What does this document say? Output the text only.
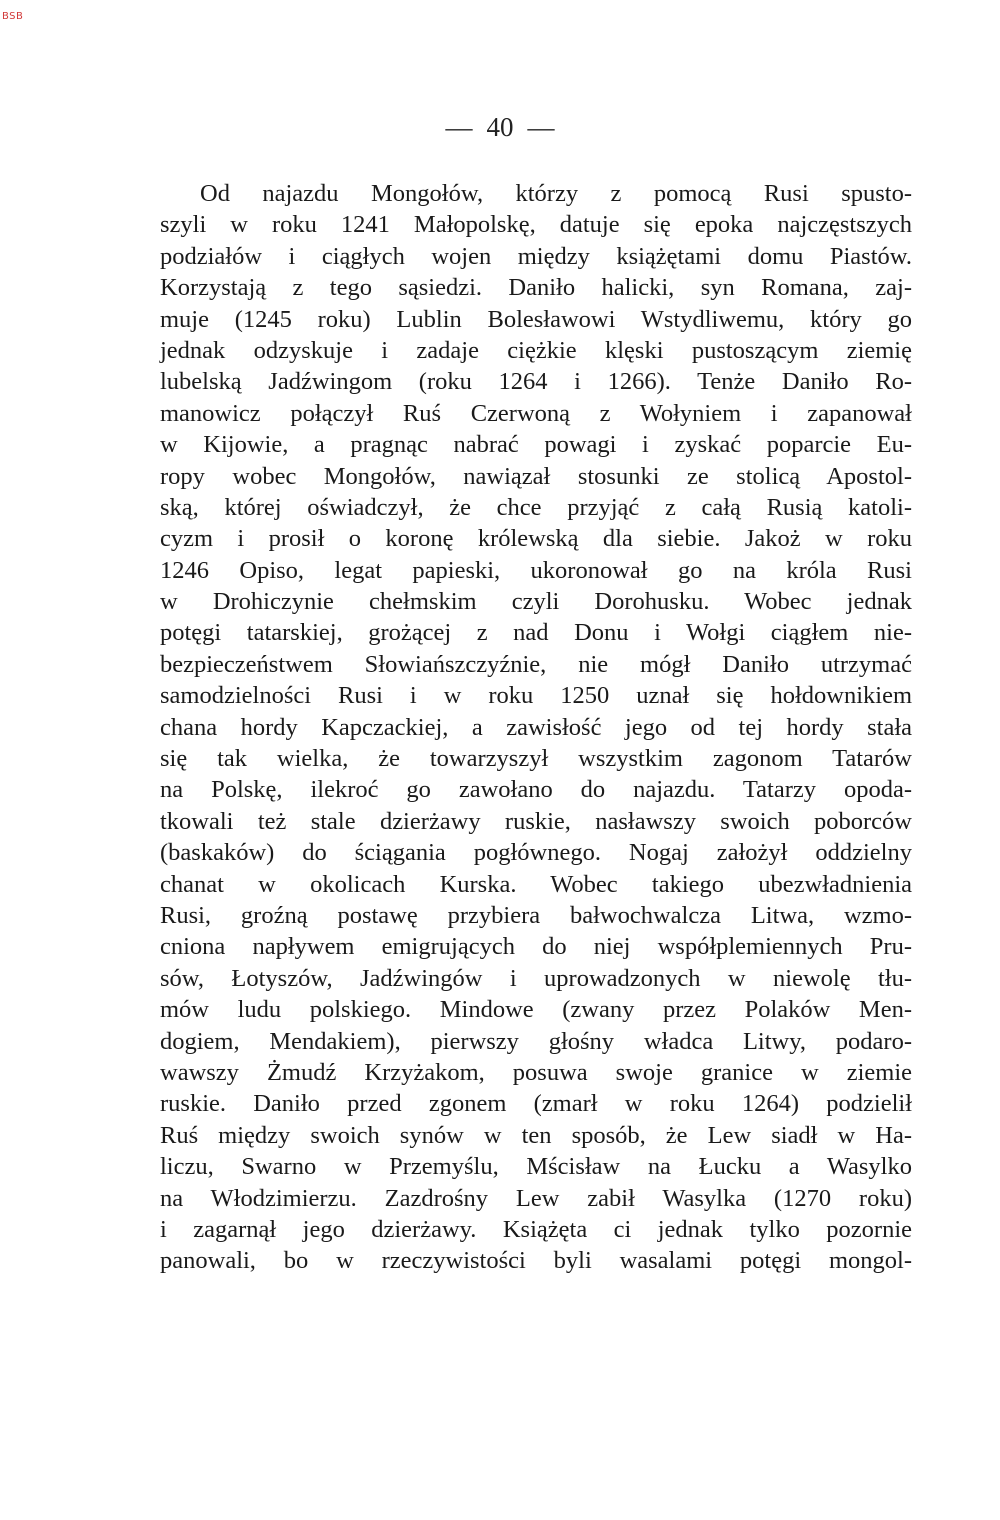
BSB
— 40 —
Od najazdu Mongołów, którzy z pomocą Rusi spusto-
szyli w roku 1241 Małopolskę, datuje się epoka najczęstszych
podziałów i ciągłych wojen między książętami domu Piastów.
Korzystają z tego sąsiedzi. Daniło halicki, syn Romana, zaj-
muje (1245 roku) Lublin Bolesławowi Wstydliwemu, który go
jednak odzyskuje i zadaje ciężkie klęski pustoszącym ziemię
lubelską Jadźwingom (roku 1264 i 1266). Tenże Daniło Ro-
manowicz połączył Ruś Czerwoną z Wołyniem i zapanował
w Kijowie, a pragnąc nabrać powagi i zyskać poparcie Eu-
ropy wobec Mongołów, nawiązał stosunki ze stolicą Apostol-
ską, której oświadczył, że chce przyjąć z całą Rusią katoli-
cyzm i prosił o koronę królewską dla siebie. Jakoż w roku
1246 Opiso, legat papieski, ukoronował go na króla Rusi
w Drohiczynie chełmskim czyli Dorohusku. Wobec jednak
potęgi tatarskiej, grożącej z nad Donu i Wołgi ciągłem nie-
bezpieczeństwem Słowiańszczyźnie, nie mógł Daniło utrzymać
samodzielności Rusi i w roku 1250 uznał się hołdownikiem
chana hordy Kapczackiej, a zawisłość jego od tej hordy stała
się tak wielka, że towarzyszył wszystkim zagonom Tatarów
na Polskę, ilekroć go zawołano do najazdu. Tatarzy opoda-
tkowali też stale dzierżawy ruskie, nasławszy swoich poborców
(baskaków) do ściągania pogłównego. Nogaj założył oddzielny
chanat w okolicach Kurska. Wobec takiego ubezwładnienia
Rusi, groźną postawę przybiera bałwochwalcza Litwa, wzmo-
cniona napływem emigrujących do niej współplemiennych Pru-
sów, Łotyszów, Jadźwingów i uprowadzonych w niewolę tłu-
mów ludu polskiego. Mindowe (zwany przez Polaków Men-
dogiem, Mendakiem), pierwszy głośny władca Litwy, podaro-
wawszy Żmudź Krzyżakom, posuwa swoje granice w ziemie
ruskie. Daniło przed zgonem (zmarł w roku 1264) podzielił
Ruś między swoich synów w ten sposób, że Lew siadł w Ha-
liczu, Swarno w Przemyślu, Mścisław na Łucku a Wasylko
na Włodzimierzu. Zazdrośny Lew zabił Wasylka (1270 roku)
i zagarnął jego dzierżawy. Książęta ci jednak tylko pozornie
panowali, bo w rzeczywistości byli wasalami potęgi mongol-
